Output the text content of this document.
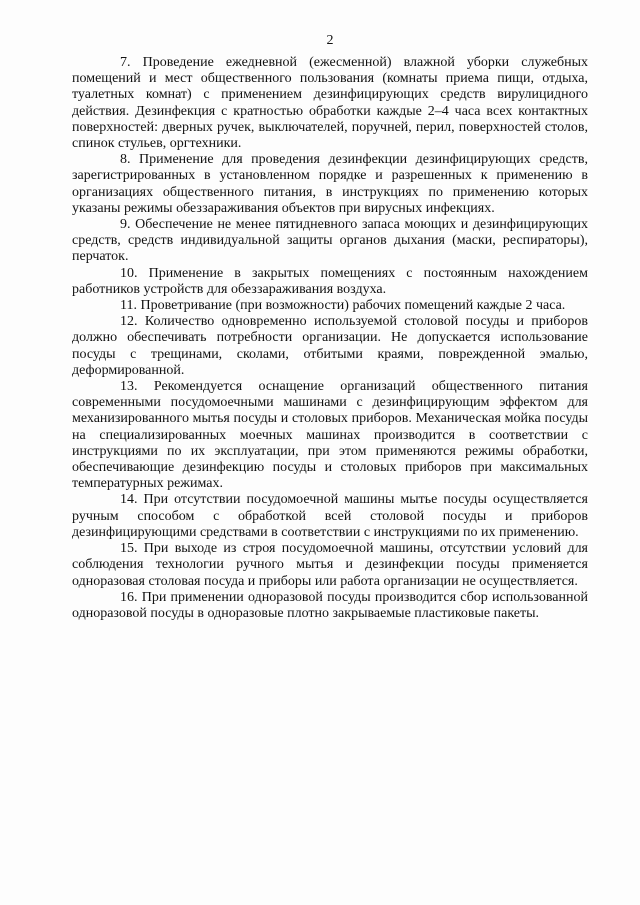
2

7. Проведение ежедневной (ежесменной) влажной уборки служебных помещений и мест общественного пользования (комнаты приема пищи, отдыха, туалетных комнат) с применением дезинфицирующих средств вирулицидного действия. Дезинфекция с кратностью обработки каждые 2–4 часа всех контактных поверхностей: дверных ручек, выключателей, поручней, перил, поверхностей столов, спинок стульев, оргтехники.

8. Применение для проведения дезинфекции дезинфицирующих средств, зарегистрированных в установленном порядке и разрешенных к применению в организациях общественного питания, в инструкциях по применению которых указаны режимы обеззараживания объектов при вирусных инфекциях.

9. Обеспечение не менее пятидневного запаса моющих и дезинфицирующих средств, средств индивидуальной защиты органов дыхания (маски, респираторы), перчаток.

10. Применение в закрытых помещениях с постоянным нахождением работников устройств для обеззараживания воздуха.

11. Проветривание (при возможности) рабочих помещений каждые 2 часа.

12. Количество одновременно используемой столовой посуды и приборов должно обеспечивать потребности организации. Не допускается использование посуды с трещинами, сколами, отбитыми краями, поврежденной эмалью, деформированной.

13. Рекомендуется оснащение организаций общественного питания современными посудомоечными машинами с дезинфицирующим эффектом для механизированного мытья посуды и столовых приборов. Механическая мойка посуды на специализированных моечных машинах производится в соответствии с инструкциями по их эксплуатации, при этом применяются режимы обработки, обеспечивающие дезинфекцию посуды и столовых приборов при максимальных температурных режимах.

14. При отсутствии посудомоечной машины мытье посуды осуществляется ручным способом с обработкой всей столовой посуды и приборов дезинфицирующими средствами в соответствии с инструкциями по их применению.

15. При выходе из строя посудомоечной машины, отсутствии условий для соблюдения технологии ручного мытья и дезинфекции посуды применяется одноразовая столовая посуда и приборы или работа организации не осуществляется.

16. При применении одноразовой посуды производится сбор использованной одноразовой посуды в одноразовые плотно закрываемые пластиковые пакеты.
